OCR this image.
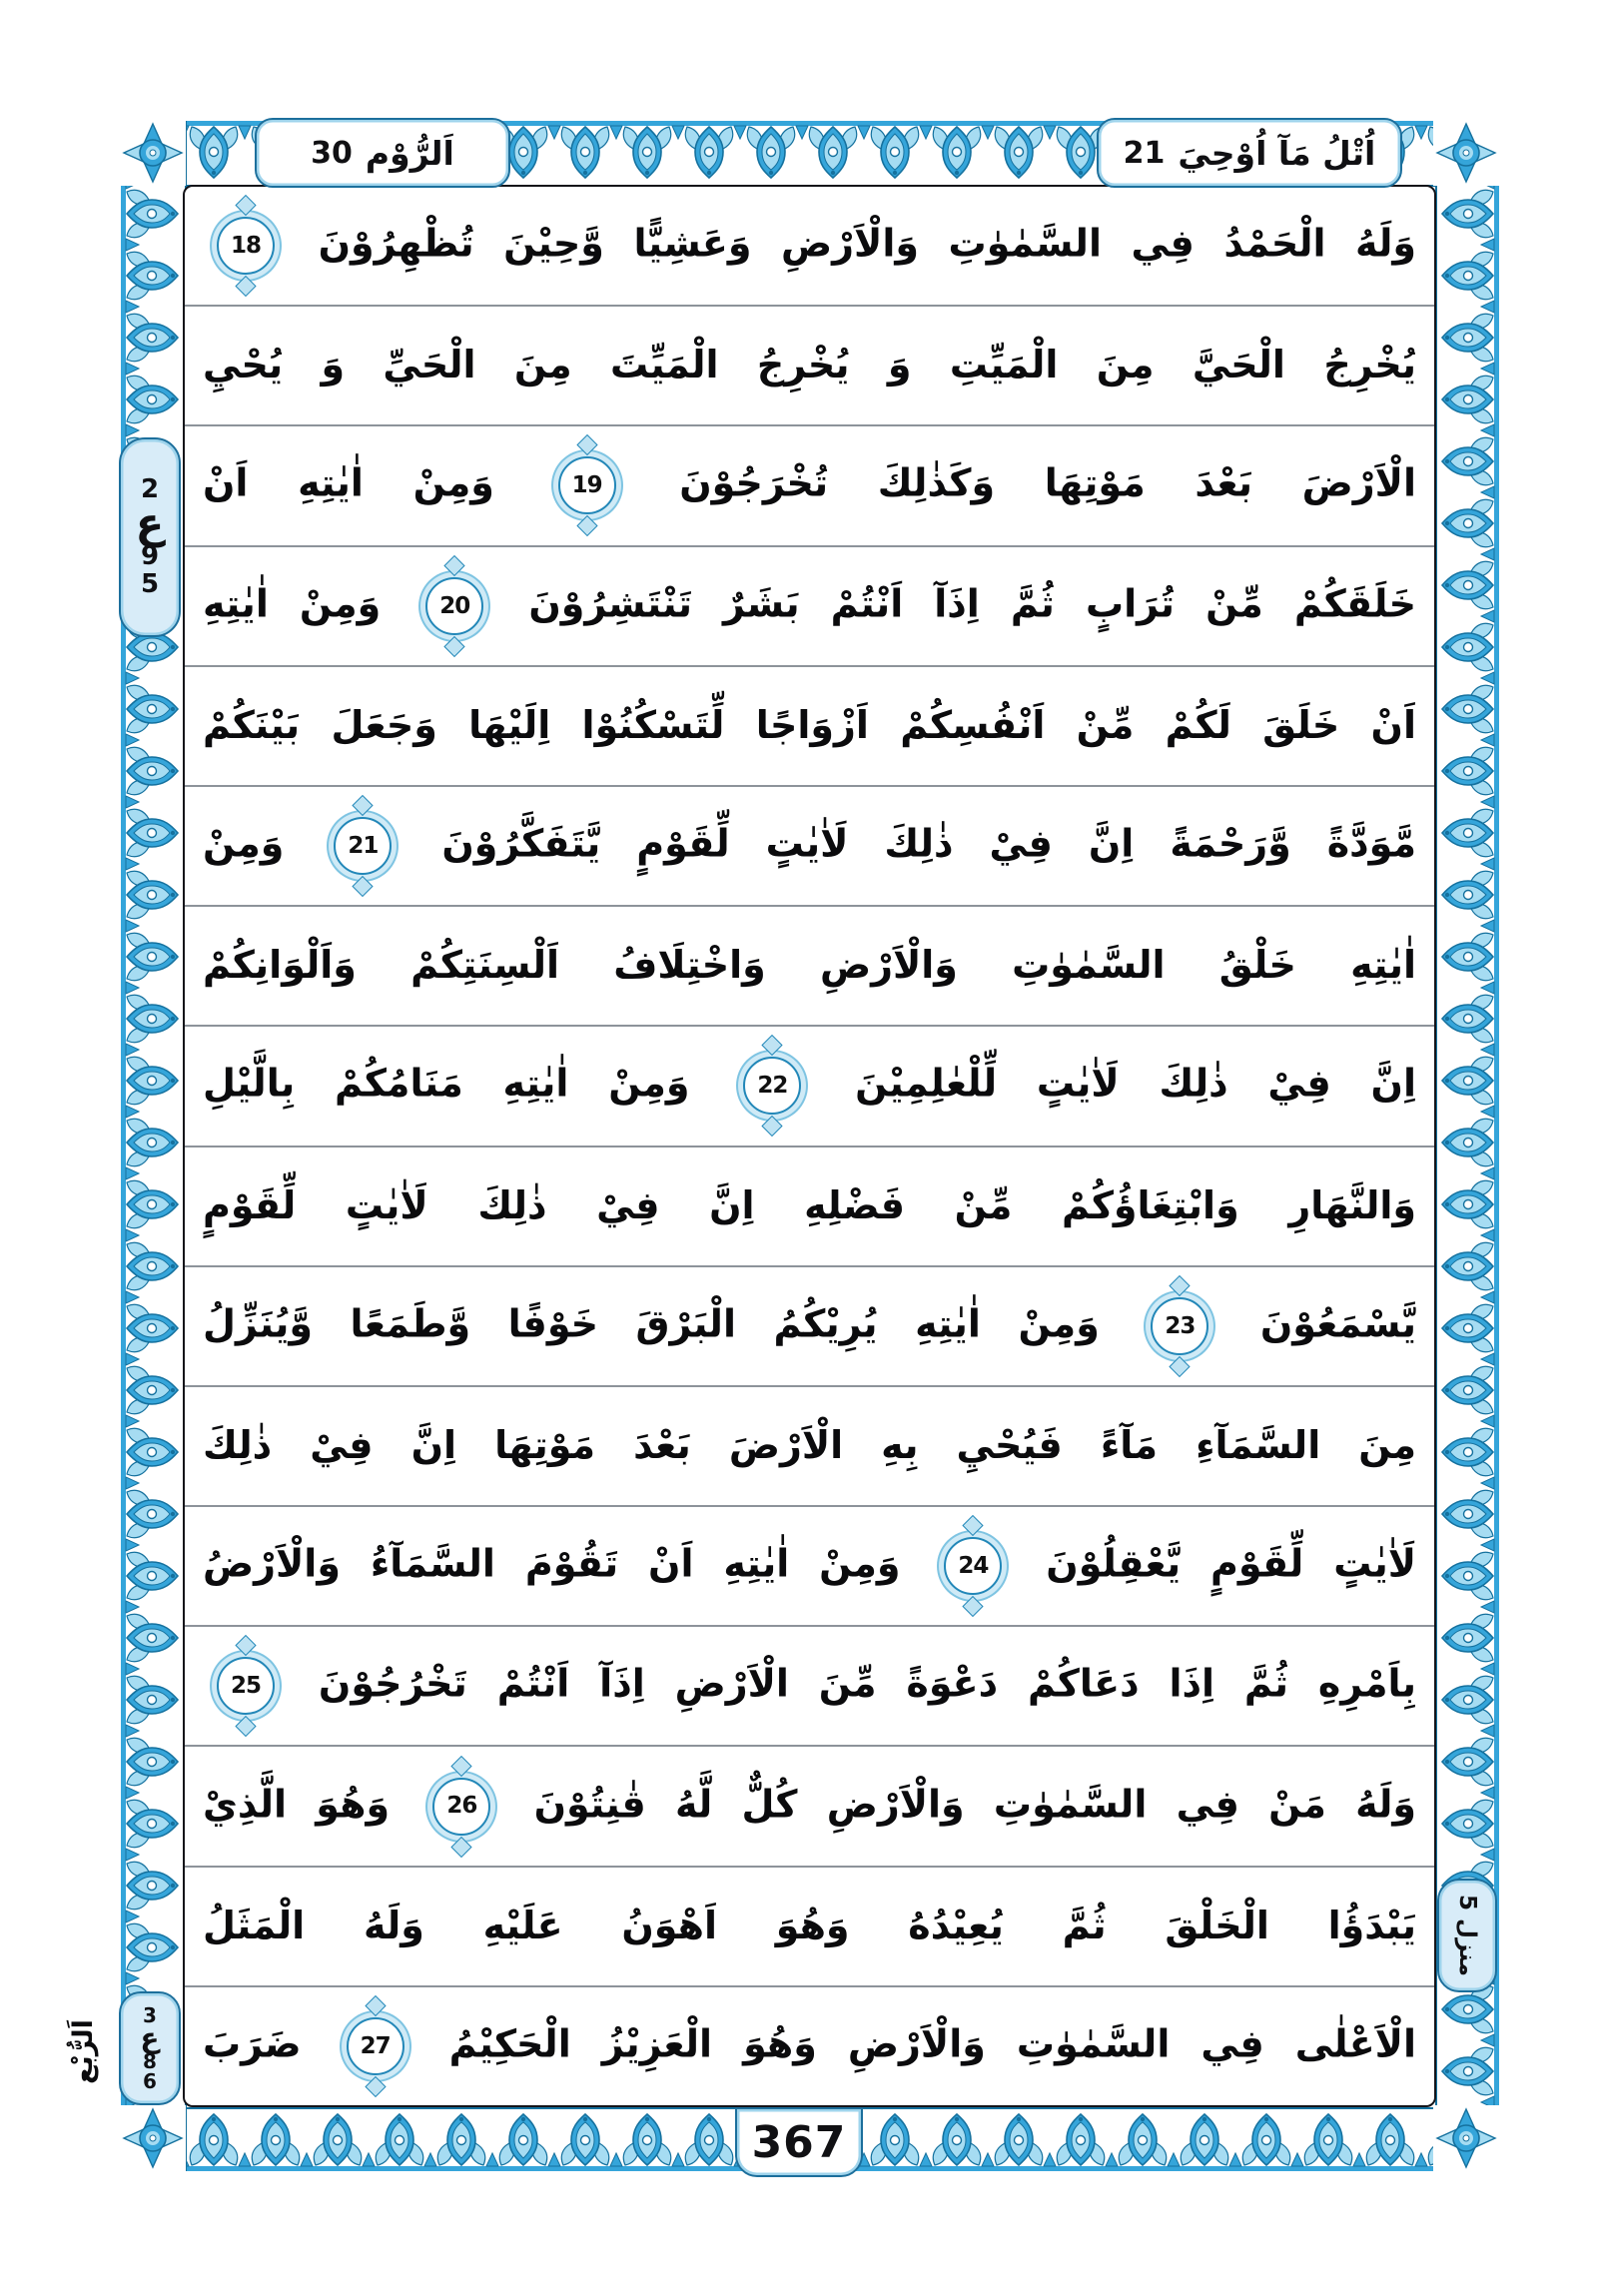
30 اَلرُّوْم	21 اُتْلُ مَآ اُوْحِيَ
2
ع
9
5
3
ع
8
6
منزل 5
اَلرُّبْع

وَلَهُ الْحَمْدُ فِي السَّمٰوٰتِ وَالْاَرْضِ وَعَشِيًّا وَّحِيْنَ تُظْهِرُوْنَ
18

يُخْرِجُ الْحَيَّ مِنَ الْمَيِّتِ وَ يُخْرِجُ الْمَيِّتَ مِنَ الْحَيِّ وَ يُحْيِ

الْاَرْضَ بَعْدَ مَوْتِهَا وَكَذٰلِكَ تُخْرَجُوْنَ
19
وَمِنْ اٰيٰتِهِ اَنْ

خَلَقَكُمْ مِّنْ تُرَابٍ ثُمَّ اِذَآ اَنْتُمْ بَشَرٌ تَنْتَشِرُوْنَ
20
وَمِنْ اٰيٰتِهِ

اَنْ خَلَقَ لَكُمْ مِّنْ اَنْفُسِكُمْ اَزْوَاجًا لِّتَسْكُنُوْا اِلَيْهَا وَجَعَلَ بَيْنَكُمْ

مَّوَدَّةً وَّرَحْمَةً اِنَّ فِيْ ذٰلِكَ لَاٰيٰتٍ لِّقَوْمٍ يَّتَفَكَّرُوْنَ
21
وَمِنْ

اٰيٰتِهِ خَلْقُ السَّمٰوٰتِ وَالْاَرْضِ وَاخْتِلَافُ اَلْسِنَتِكُمْ وَاَلْوَانِكُمْ

اِنَّ فِيْ ذٰلِكَ لَاٰيٰتٍ لِّلْعٰلِمِيْنَ
22
وَمِنْ اٰيٰتِهِ مَنَامُكُمْ بِالَّيْلِ

وَالنَّهَارِ وَابْتِغَاؤُكُمْ مِّنْ فَضْلِهِ اِنَّ فِيْ ذٰلِكَ لَاٰيٰتٍ لِّقَوْمٍ

يَّسْمَعُوْنَ
23
وَمِنْ اٰيٰتِهِ يُرِيْكُمُ الْبَرْقَ خَوْفًا وَّطَمَعًا وَّيُنَزِّلُ

مِنَ السَّمَآءِ مَآءً فَيُحْيِ بِهِ الْاَرْضَ بَعْدَ مَوْتِهَا اِنَّ فِيْ ذٰلِكَ

لَاٰيٰتٍ لِّقَوْمٍ يَّعْقِلُوْنَ
24
وَمِنْ اٰيٰتِهِ اَنْ تَقُوْمَ السَّمَآءُ وَالْاَرْضُ

بِاَمْرِهِ ثُمَّ اِذَا دَعَاكُمْ دَعْوَةً مِّنَ الْاَرْضِ اِذَآ اَنْتُمْ تَخْرُجُوْنَ
25

وَلَهُ مَنْ فِي السَّمٰوٰتِ وَالْاَرْضِ كُلٌّ لَّهُ قٰنِتُوْنَ
26
وَهُوَ الَّذِيْ

يَبْدَؤُا الْخَلْقَ ثُمَّ يُعِيْدُهُ وَهُوَ اَهْوَنُ عَلَيْهِ وَلَهُ الْمَثَلُ

الْاَعْلٰى فِي السَّمٰوٰتِ وَالْاَرْضِ وَهُوَ الْعَزِيْزُ الْحَكِيْمُ
27
ضَرَبَ

367
